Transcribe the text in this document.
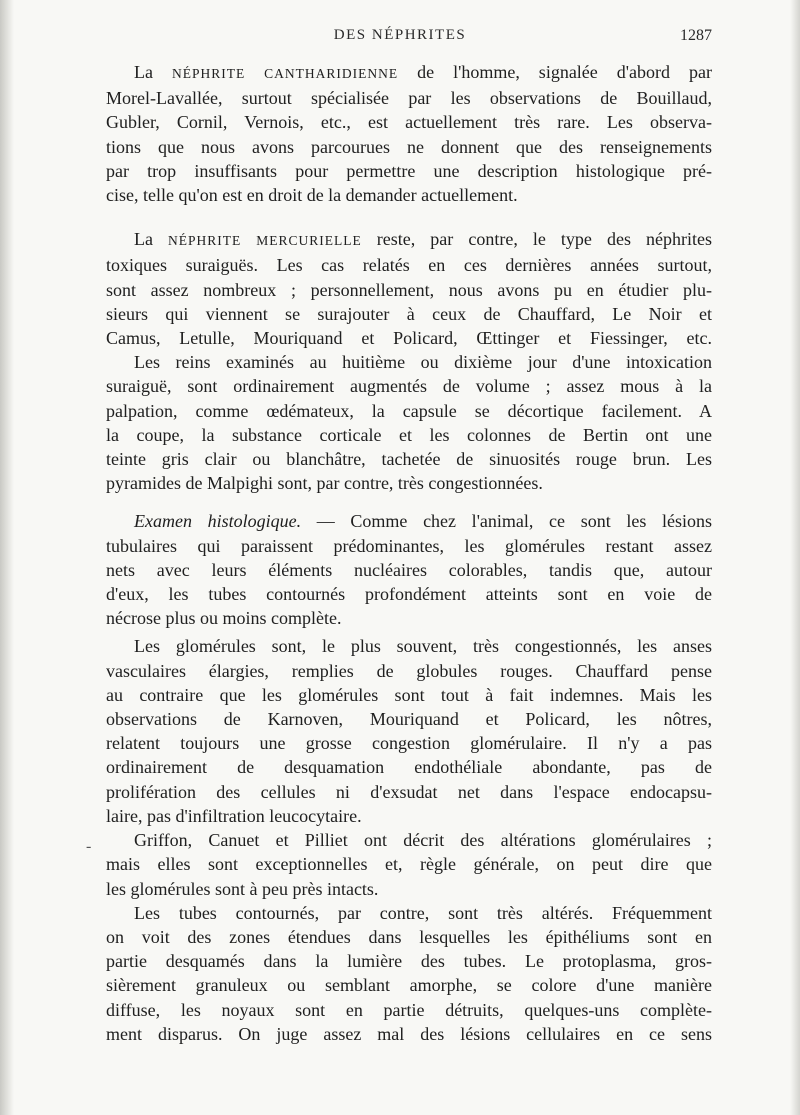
DES NÉPHRITES	1287
La NÉPHRITE CANTHARIDIENNE de l'homme, signalée d'abord par
Morel-Lavallée, surtout spécialisée par les observations de Bouillaud,
Gubler, Cornil, Vernois, etc., est actuellement très rare. Les observa-
tions que nous avons parcourues ne donnent que des renseignements
par trop insuffisants pour permettre une description histologique pré-
cise, telle qu'on est en droit de la demander actuellement.
La NÉPHRITE MERCURIELLE reste, par contre, le type des néphrites
toxiques suraiguës. Les cas relatés en ces dernières années surtout,
sont assez nombreux ; personnellement, nous avons pu en étudier plu-
sieurs qui viennent se surajouter à ceux de Chauffard, Le Noir et
Camus, Letulle, Mouriquand et Policard, Œttinger et Fiessinger, etc.
Les reins examinés au huitième ou dixième jour d'une intoxication
suraiguë, sont ordinairement augmentés de volume ; assez mous à la
palpation, comme œdémateux, la capsule se décortique facilement. A
la coupe, la substance corticale et les colonnes de Bertin ont une
teinte gris clair ou blanchâtre, tachetée de sinuosités rouge brun. Les
pyramides de Malpighi sont, par contre, très congestionnées.
Examen histologique. — Comme chez l'animal, ce sont les lésions
tubulaires qui paraissent prédominantes, les glomérules restant assez
nets avec leurs éléments nucléaires colorables, tandis que, autour
d'eux, les tubes contournés profondément atteints sont en voie de
nécrose plus ou moins complète.
Les glomérules sont, le plus souvent, très congestionnés, les anses
vasculaires élargies, remplies de globules rouges. Chauffard pense
au contraire que les glomérules sont tout à fait indemnes. Mais les
observations de Karnoven, Mouriquand et Policard, les nôtres,
relatent toujours une grosse congestion glomérulaire. Il n'y a pas
ordinairement de desquamation endothéliale abondante, pas de
prolifération des cellules ni d'exsudat net dans l'espace endocapsu-
laire, pas d'infiltration leucocytaire.
Griffon, Canuet et Pilliet ont décrit des altérations glomérulaires ;
mais elles sont exceptionnelles et, règle générale, on peut dire que
les glomérules sont à peu près intacts.
Les tubes contournés, par contre, sont très altérés. Fréquemment
on voit des zones étendues dans lesquelles les épithéliums sont en
partie desquamés dans la lumière des tubes. Le protoplasma, gros-
sièrement granuleux ou semblant amorphe, se colore d'une manière
diffuse, les noyaux sont en partie détruits, quelques-uns complète-
ment disparus. On juge assez mal des lésions cellulaires en ce sens
-
